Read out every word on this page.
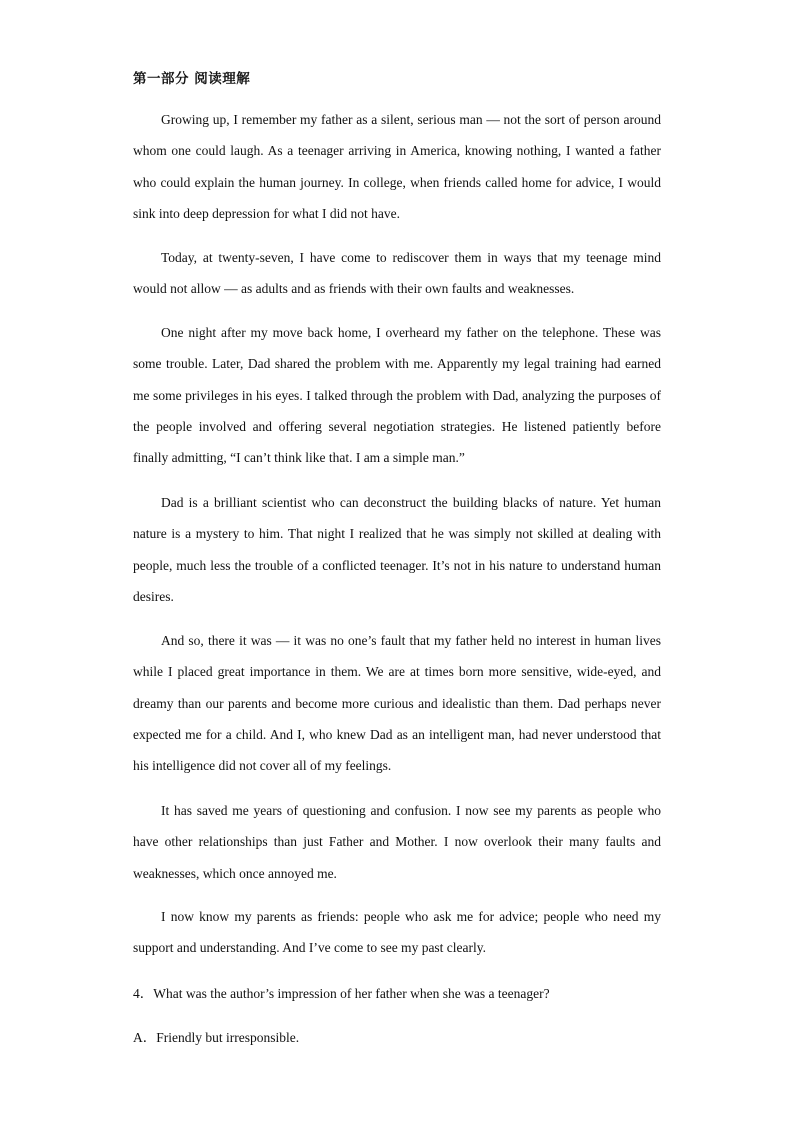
第一部分 阅读理解

Growing up, I remember my father as a silent, serious man — not the sort of person around whom one could laugh. As a teenager arriving in America, knowing nothing, I wanted a father who could explain the human journey. In college, when friends called home for advice, I would sink into deep depression for what I did not have.

Today, at twenty-seven, I have come to rediscover them in ways that my teenage mind would not allow — as adults and as friends with their own faults and weaknesses.

One night after my move back home, I overheard my father on the telephone. These was some trouble. Later, Dad shared the problem with me. Apparently my legal training had earned me some privileges in his eyes. I talked through the problem with Dad, analyzing the purposes of the people involved and offering several negotiation strategies. He listened patiently before finally admitting, “I can’t think like that. I am a simple man.”

Dad is a brilliant scientist who can deconstruct the building blacks of nature. Yet human nature is a mystery to him. That night I realized that he was simply not skilled at dealing with people, much less the trouble of a conflicted teenager. It’s not in his nature to understand human desires.

And so, there it was — it was no one’s fault that my father held no interest in human lives while I placed great importance in them. We are at times born more sensitive, wide-eyed, and dreamy than our parents and become more curious and idealistic than them. Dad perhaps never expected me for a child. And I, who knew Dad as an intelligent man, had never understood that his intelligence did not cover all of my feelings.

It has saved me years of questioning and confusion. I now see my parents as people who have other relationships than just Father and Mother. I now overlook their many faults and weaknesses, which once annoyed me.

I now know my parents as friends: people who ask me for advice; people who need my support and understanding. And I’ve come to see my past clearly.

4．What was the author’s impression of her father when she was a teenager?
A．Friendly but irresponsible.
